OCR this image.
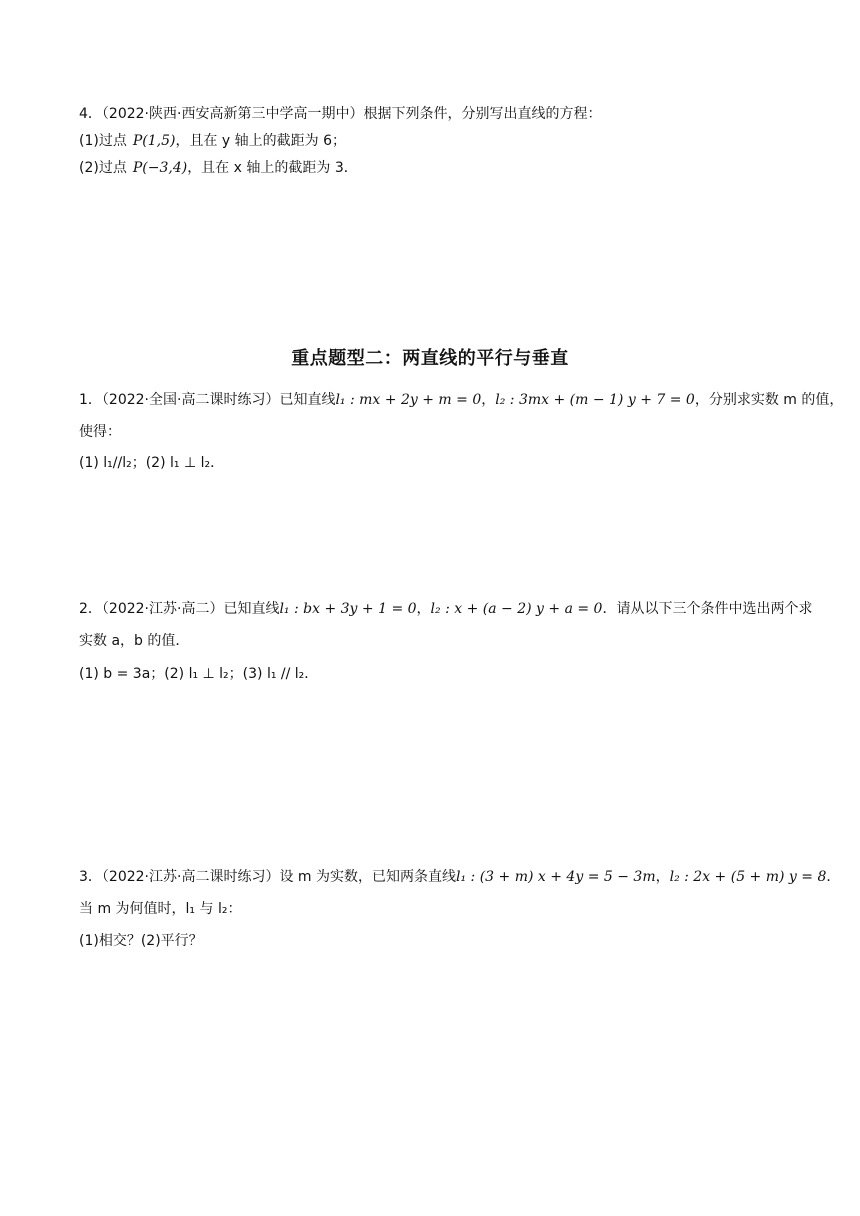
4．（2022·陕西·西安高新第三中学高一期中）根据下列条件，分别写出直线的方程：
(1)过点 P(1,5)，且在 y 轴上的截距为 6；
(2)过点 P(−3,4)，且在 x 轴上的截距为 3．
重点题型二：两直线的平行与垂直
1．（2022·全国·高二课时练习）已知直线l₁ : mx + 2y + m = 0，l₂ : 3mx + (m − 1) y + 7 = 0，分别求实数 m 的值，
使得：
(1) l₁//l₂；(2) l₁ ⊥ l₂．
2．（2022·江苏·高二）已知直线l₁ : bx + 3y + 1 = 0，l₂ : x + (a − 2) y + a = 0．请从以下三个条件中选出两个求
实数 a，b 的值．
(1) b = 3a；(2) l₁ ⊥ l₂；(3) l₁ // l₂．
3．（2022·江苏·高二课时练习）设 m 为实数，已知两条直线l₁ : (3 + m) x + 4y = 5 − 3m，l₂ : 2x + (5 + m) y = 8．
当 m 为何值时，l₁ 与 l₂：
(1)相交？(2)平行？
